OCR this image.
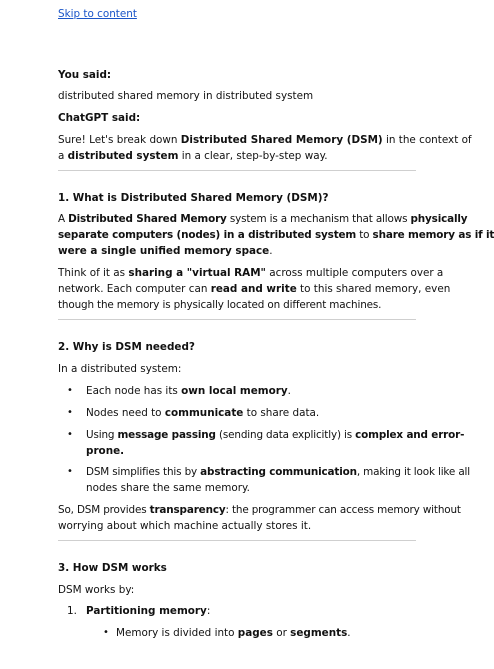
Skip to content
You said:
distributed shared memory in distributed system
ChatGPT said:
Sure! Let's break down Distributed Shared Memory (DSM) in the context of
a distributed system in a clear, step-by-step way.
1. What is Distributed Shared Memory (DSM)?
A Distributed Shared Memory system is a mechanism that allows physically
separate computers (nodes) in a distributed system to share memory as if it
were a single unified memory space.
Think of it as sharing a "virtual RAM" across multiple computers over a
network. Each computer can read and write to this shared memory, even
though the memory is physically located on different machines.
2. Why is DSM needed?
In a distributed system:
• Each node has its own local memory.
• Nodes need to communicate to share data.
• Using message passing (sending data explicitly) is complex and error-
prone.
• DSM simplifies this by abstracting communication, making it look like all
nodes share the same memory.
So, DSM provides transparency: the programmer can access memory without
worrying about which machine actually stores it.
3. How DSM works
DSM works by:
1. Partitioning memory:
• Memory is divided into pages or segments.
